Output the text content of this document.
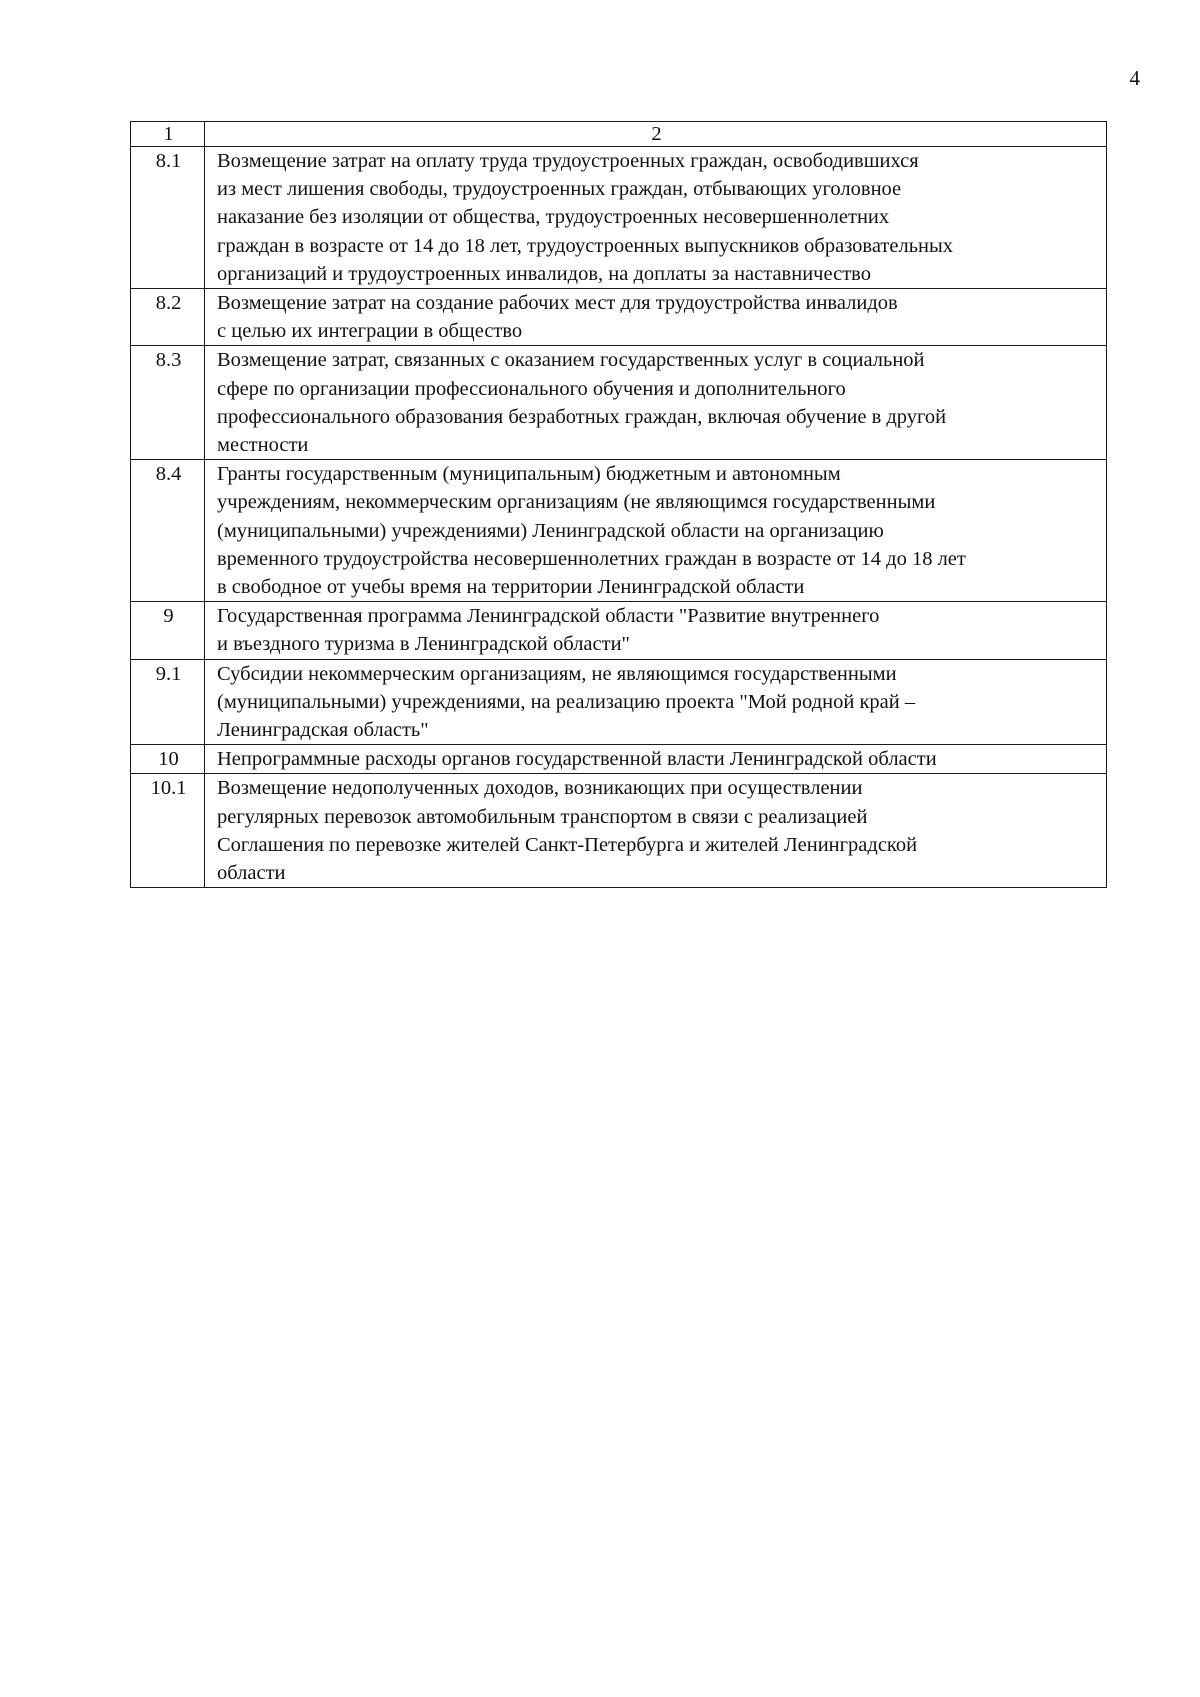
4
1	2
8.1	Возмещение затрат на оплату труда трудоустроенных граждан, освободившихся
из мест лишения свободы, трудоустроенных граждан, отбывающих уголовное
наказание без изоляции от общества, трудоустроенных несовершеннолетних
граждан в возрасте от 14 до 18 лет, трудоустроенных выпускников образовательных
организаций и трудоустроенных инвалидов, на доплаты за наставничество

8.2	Возмещение затрат на создание рабочих мест для трудоустройства инвалидов
с целью их интеграции в общество

8.3	Возмещение затрат, связанных с оказанием государственных услуг в социальной
сфере по организации профессионального обучения и дополнительного
профессионального образования безработных граждан, включая обучение в другой
местности

8.4	Гранты государственным (муниципальным) бюджетным и автономным
учреждениям, некоммерческим организациям (не являющимся государственными
(муниципальными) учреждениями) Ленинградской области на организацию
временного трудоустройства несовершеннолетних граждан в возрасте от 14 до 18 лет
в свободное от учебы время на территории Ленинградской области

9	Государственная программа Ленинградской области "Развитие внутреннего
и въездного туризма в Ленинградской области"

9.1	Субсидии некоммерческим организациям, не являющимся государственными
(муниципальными) учреждениями, на реализацию проекта "Мой родной край –
Ленинградская область"

10	Непрограммные расходы органов государственной власти Ленинградской области

10.1	Возмещение недополученных доходов, возникающих при осуществлении
регулярных перевозок автомобильным транспортом в связи с реализацией
Соглашения по перевозке жителей Санкт-Петербурга и жителей Ленинградской
области
